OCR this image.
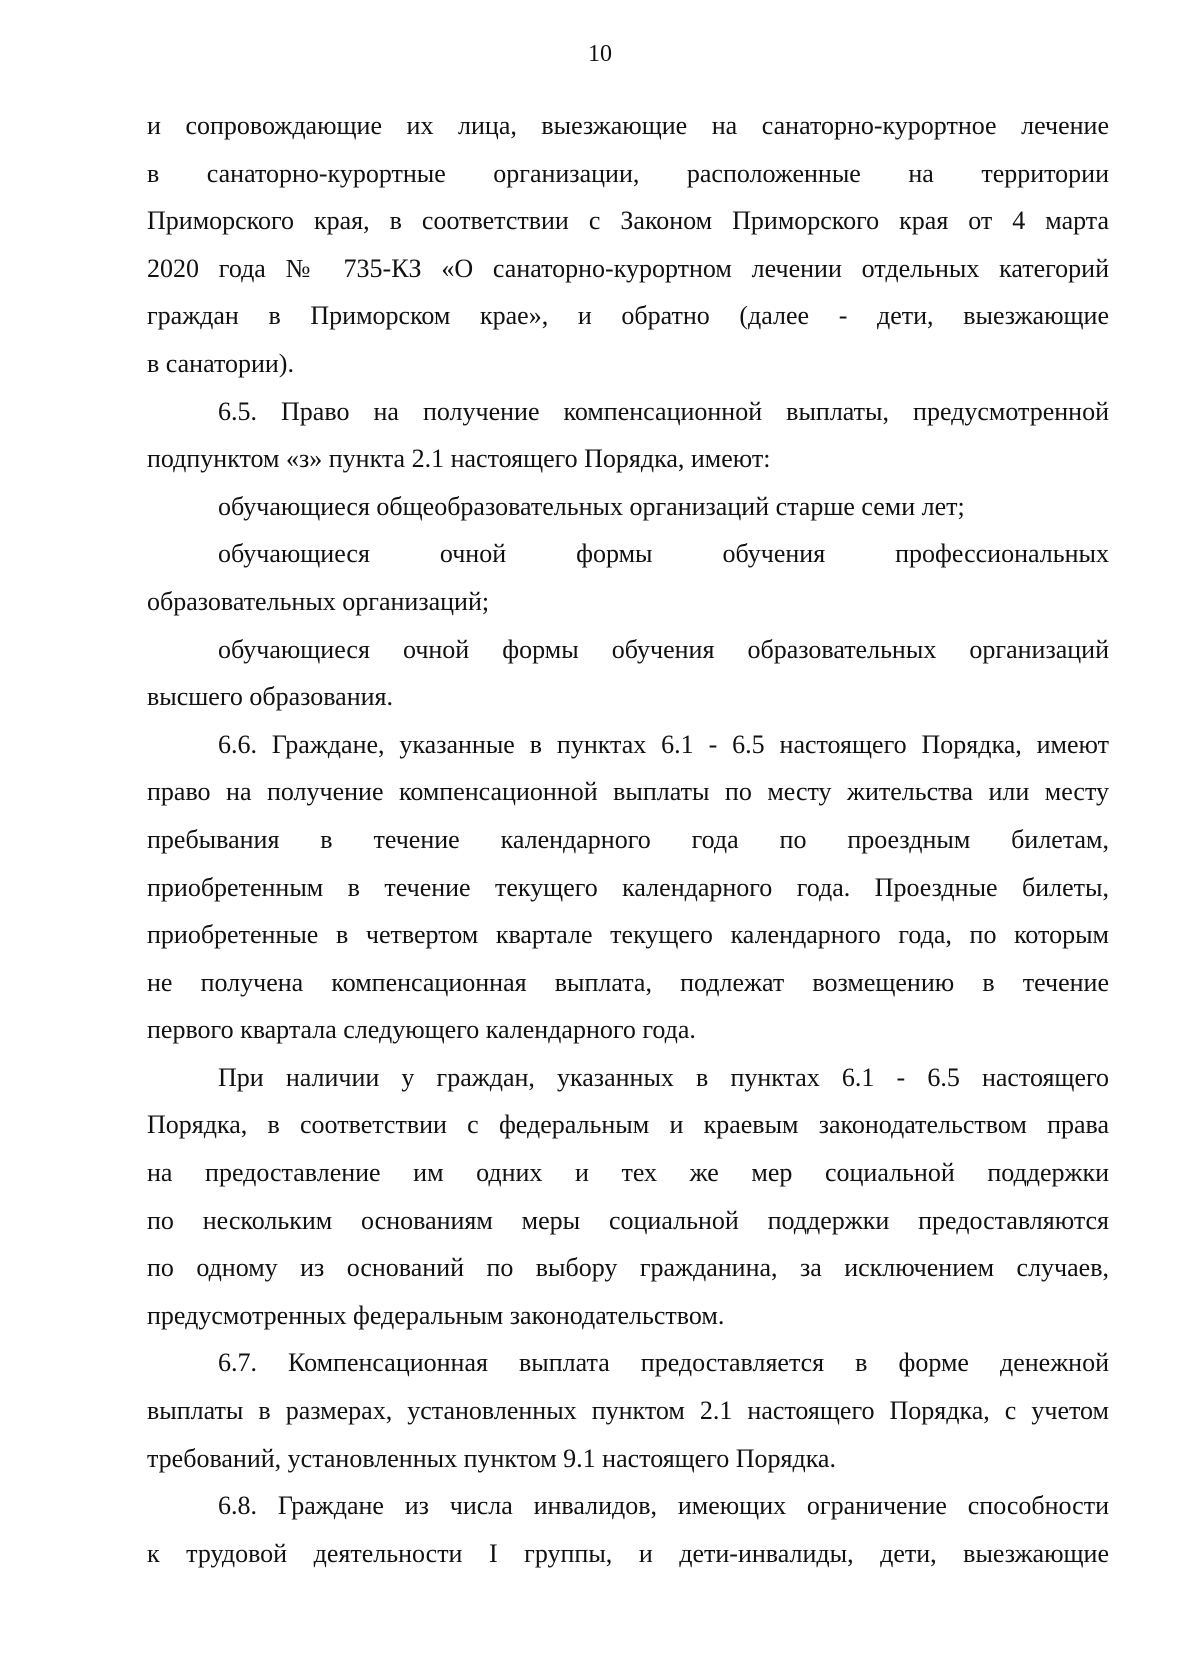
10

и сопровождающие их лица, выезжающие на санаторно-курортное лечение
в санаторно-курортные организации, расположенные на территории
Приморского края, в соответствии с Законом Приморского края от 4 марта
2020 года № 735-КЗ «О санаторно-курортном лечении отдельных категорий
граждан в Приморском крае», и обратно (далее - дети, выезжающие
в санатории).

6.5. Право на получение компенсационной выплаты, предусмотренной
подпунктом «з» пункта 2.1 настоящего Порядка, имеют:

обучающиеся общеобразовательных организаций старше семи лет;

обучающиеся очной формы обучения профессиональных
образовательных организаций;

обучающиеся очной формы обучения образовательных организаций
высшего образования.

6.6. Граждане, указанные в пунктах 6.1 - 6.5 настоящего Порядка, имеют
право на получение компенсационной выплаты по месту жительства или месту
пребывания в течение календарного года по проездным билетам,
приобретенным в течение текущего календарного года. Проездные билеты,
приобретенные в четвертом квартале текущего календарного года, по которым
не получена компенсационная выплата, подлежат возмещению в течение
первого квартала следующего календарного года.

При наличии у граждан, указанных в пунктах 6.1 - 6.5 настоящего
Порядка, в соответствии с федеральным и краевым законодательством права
на предоставление им одних и тех же мер социальной поддержки
по нескольким основаниям меры социальной поддержки предоставляются
по одному из оснований по выбору гражданина, за исключением случаев,
предусмотренных федеральным законодательством.

6.7. Компенсационная выплата предоставляется в форме денежной
выплаты в размерах, установленных пунктом 2.1 настоящего Порядка, с учетом
требований, установленных пунктом 9.1 настоящего Порядка.

6.8. Граждане из числа инвалидов, имеющих ограничение способности
к трудовой деятельности I группы, и дети-инвалиды, дети, выезжающие
